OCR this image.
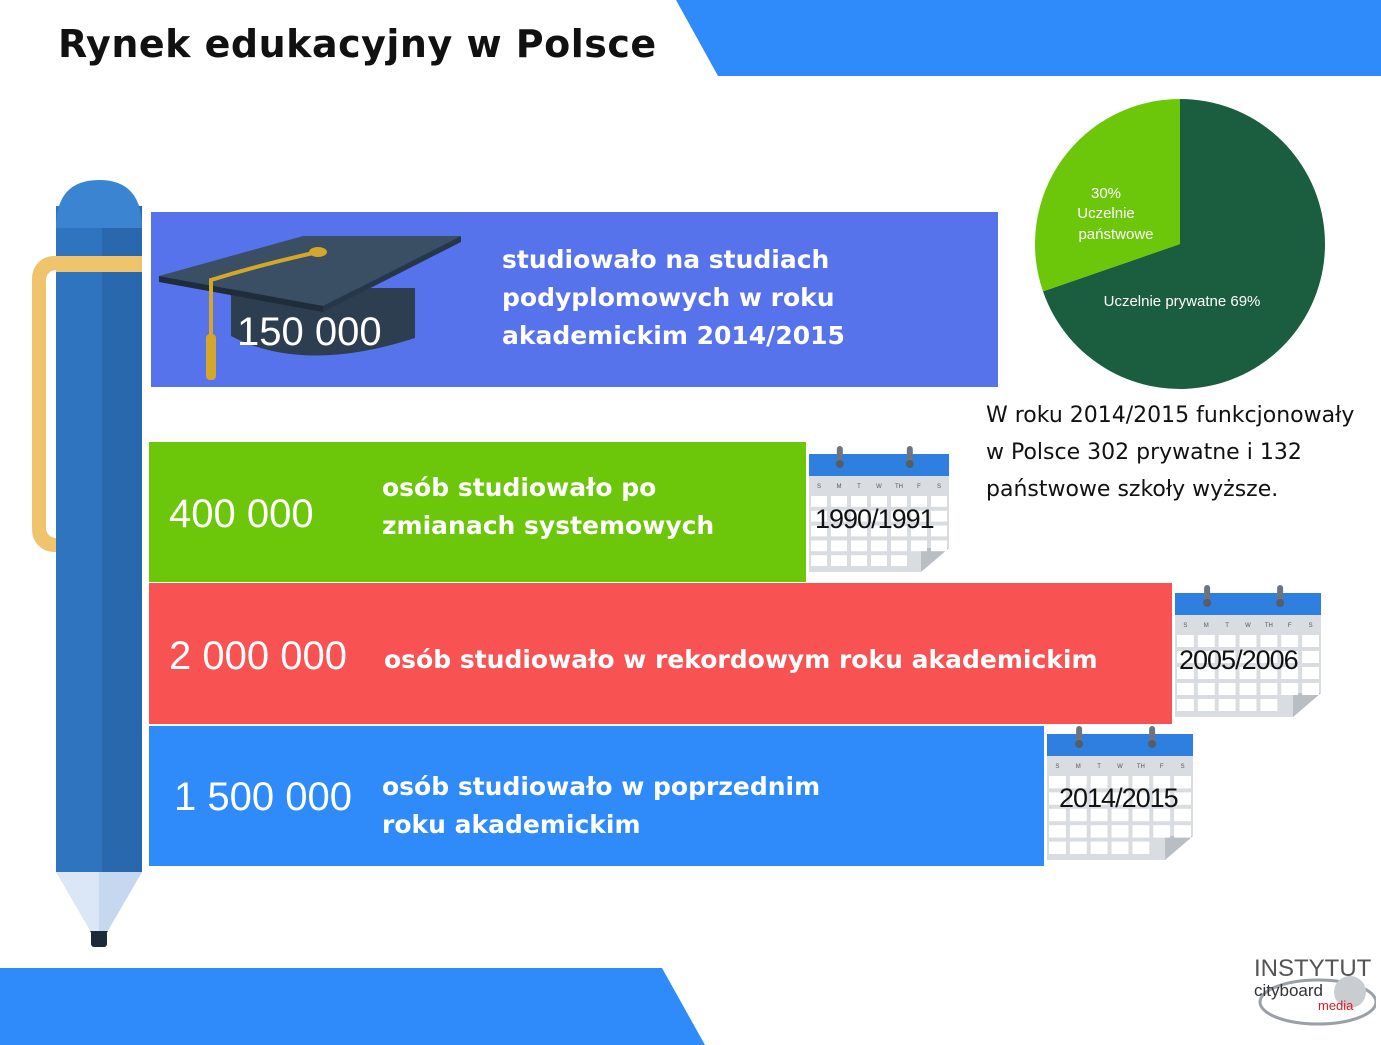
Rynek edukacyjny w Polsce
150 000
studiowało na studiach
podyplomowych w roku
akademickim 2014/2015
400 000
osób studiowało po
zmianach systemowych
2 000 000 osób studiowało w rekordowym roku akademickim
1 500 000 osób studiowało w poprzednim
roku akademickim
S	M	T	W TH F	S
1990/1991
S	M	T	W TH	F	S
2005/2006
S	M	T	W TH	F	S
2014/2015
30%
Uczelnie
państwowe
Uczelnie prywatne 69%
W roku 2014/2015 funkcjonowały
w Polsce 302 prywatne i 132
państwowe szkoły wyższe.
INSTYTUT
cityboard
media
